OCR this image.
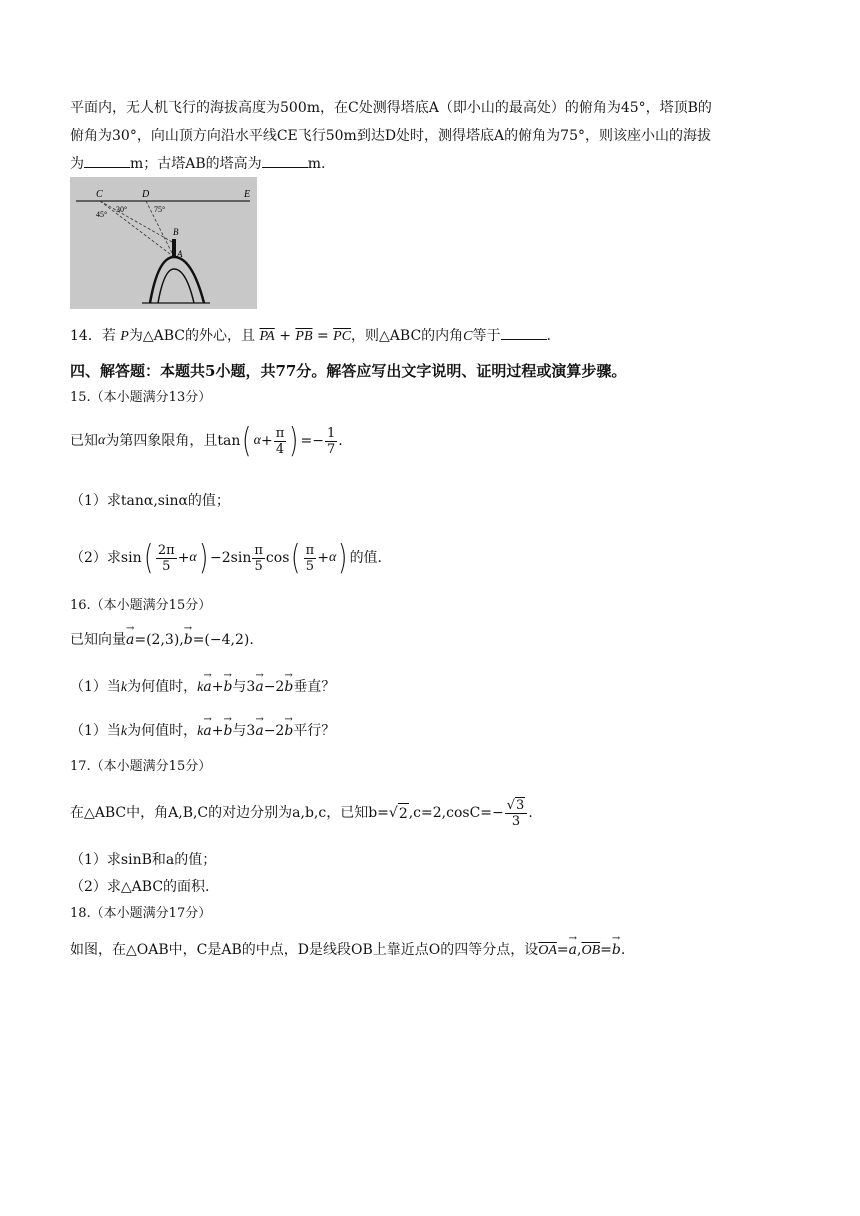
平面内，无人机飞行的海拔高度为500m，在C处测得塔底A（即小山的最高处）的俯角为45°，塔顶B的
俯角为30°，向山顶方向沿水平线CE飞行50m到达D处时，测得塔底A的俯角为75°，则该座小山的海拔
为	m；古塔AB的塔高为	m.
C	D	E
B
A
45°
30°	75°
14．若 P为△ABC的外心，且 $\overline{PA} + \overline{PB} = \overline{PC}$，则△ABC的内角C等于	.
四、解答题：本题共5小题，共77分。解答应写出文字说明、证明过程或演算步骤。
15.（本小题满分13分）
已知 α 为第四象限角，且 tan ( $\alpha + \frac{\pi}{4}$ ) =− $\frac{1}{7}$ .
（1）求tanα,sinα的值；
（2）求sin ( $\frac{2\pi}{5} + \alpha$ ) $-2\sin \frac{\pi}{5}$ cos ( $\frac{\pi}{5} + \alpha$ ) 的值.
16.（本小题满分15分）
已知向量→ a=(2,3),→ b=(−4,2).
（1）当k为何值时，k→ a+→ b与3→ a−2→ b垂直？
（1）当k为何值时，k→ a+→ b与3→ a−2→ b平行？
17.（本小题满分15分）
在△ABC中，角A,B,C的对边分别为a,b,c，已知b= √ 2 $,c=2,\cos C=- \frac{√3}{3}$ .
（1）求sinB和a的值；
（2）求△ABC的面积.
18.（本小题满分17分）
如图，在△OAB中，C是AB的中点，D是线段OB上靠近点O的四等分点，设$\overline{OA}=\to a,\overline{OB}=\to b$.
